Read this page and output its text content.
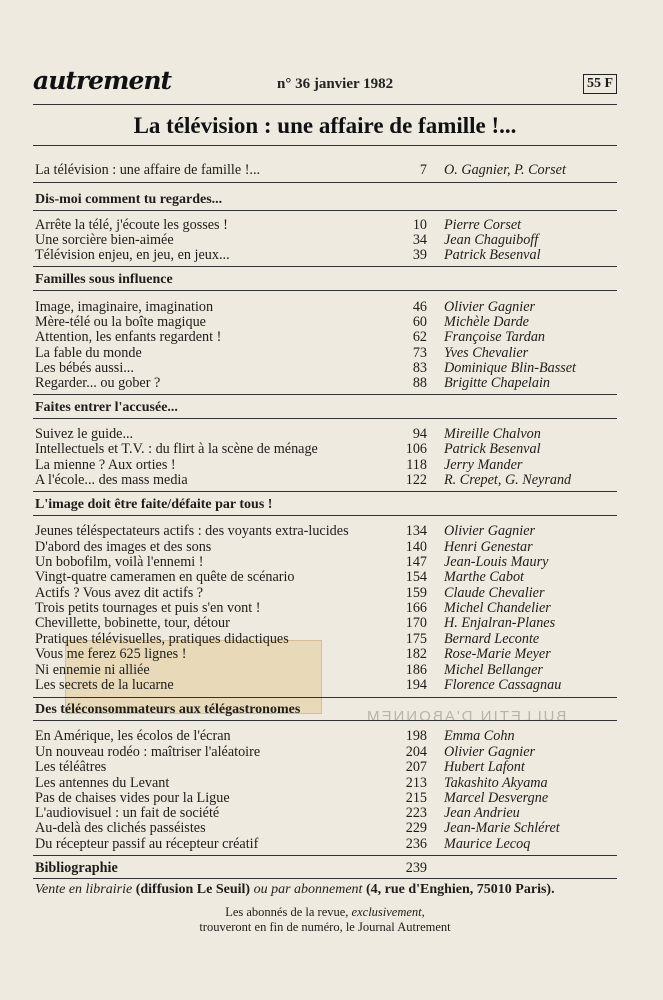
BULLETIN D'ABONNEM
autrement	n° 36 janvier 1982	55 F
La télévision : une affaire de famille !...
La télévision : une affaire de famille !...	7 O. Gagnier, P. Corset
Dis-moi comment tu regardes...
Arrête la télé, j'écoute les gosses !	10 Pierre Corset
Une sorcière bien-aimée	34 Jean Chaguiboff
Télévision enjeu, en jeu, en jeux...	39 Patrick Besenval
Familles sous influence
Image, imaginaire, imagination	46 Olivier Gagnier
Mère-télé ou la boîte magique	60 Michèle Darde
Attention, les enfants regardent !	62 Françoise Tardan
La fable du monde	73 Yves Chevalier
Les bébés aussi...	83 Dominique Blin-Basset
Regarder... ou gober ?	88 Brigitte Chapelain
Faites entrer l'accusée...
Suivez le guide...	94 Mireille Chalvon
Intellectuels et T.V. : du flirt à la scène de ménage	106 Patrick Besenval
La mienne ? Aux orties !	118 Jerry Mander
A l'école... des mass media	122 R. Crepet, G. Neyrand
L'image doit être faite/défaite par tous !
Jeunes téléspectateurs actifs : des voyants extra-lucides	134 Olivier Gagnier
D'abord des images et des sons	140 Henri Genestar
Un bobofilm, voilà l'ennemi !	147 Jean-Louis Maury
Vingt-quatre cameramen en quête de scénario	154 Marthe Cabot
Actifs ? Vous avez dit actifs ?	159 Claude Chevalier
Trois petits tournages et puis s'en vont !	166 Michel Chandelier
Chevillette, bobinette, tour, détour	170 H. Enjalran-Planes
Pratiques télévisuelles, pratiques didactiques	175 Bernard Leconte
Vous me ferez 625 lignes !	182 Rose-Marie Meyer
Ni ennemie ni alliée	186 Michel Bellanger
Les secrets de la lucarne	194 Florence Cassagnau
Des téléconsommateurs aux télégastronomes
En Amérique, les écolos de l'écran	198 Emma Cohn
Un nouveau rodéo : maîtriser l'aléatoire	204 Olivier Gagnier
Les téléâtres	207 Hubert Lafont
Les antennes du Levant	213 Takashito Akyama
Pas de chaises vides pour la Ligue	215 Marcel Desvergne
L'audiovisuel : un fait de société	223 Jean Andrieu
Au-delà des clichés passéistes	229 Jean-Marie Schléret
Du récepteur passif au récepteur créatif	236 Maurice Lecoq
Bibliographie	239
Vente en librairie (diffusion Le Seuil) ou par abonnement (4, rue d'Enghien, 75010 Paris).
Les abonnés de la revue, exclusivement,
trouveront en fin de numéro, le Journal Autrement
